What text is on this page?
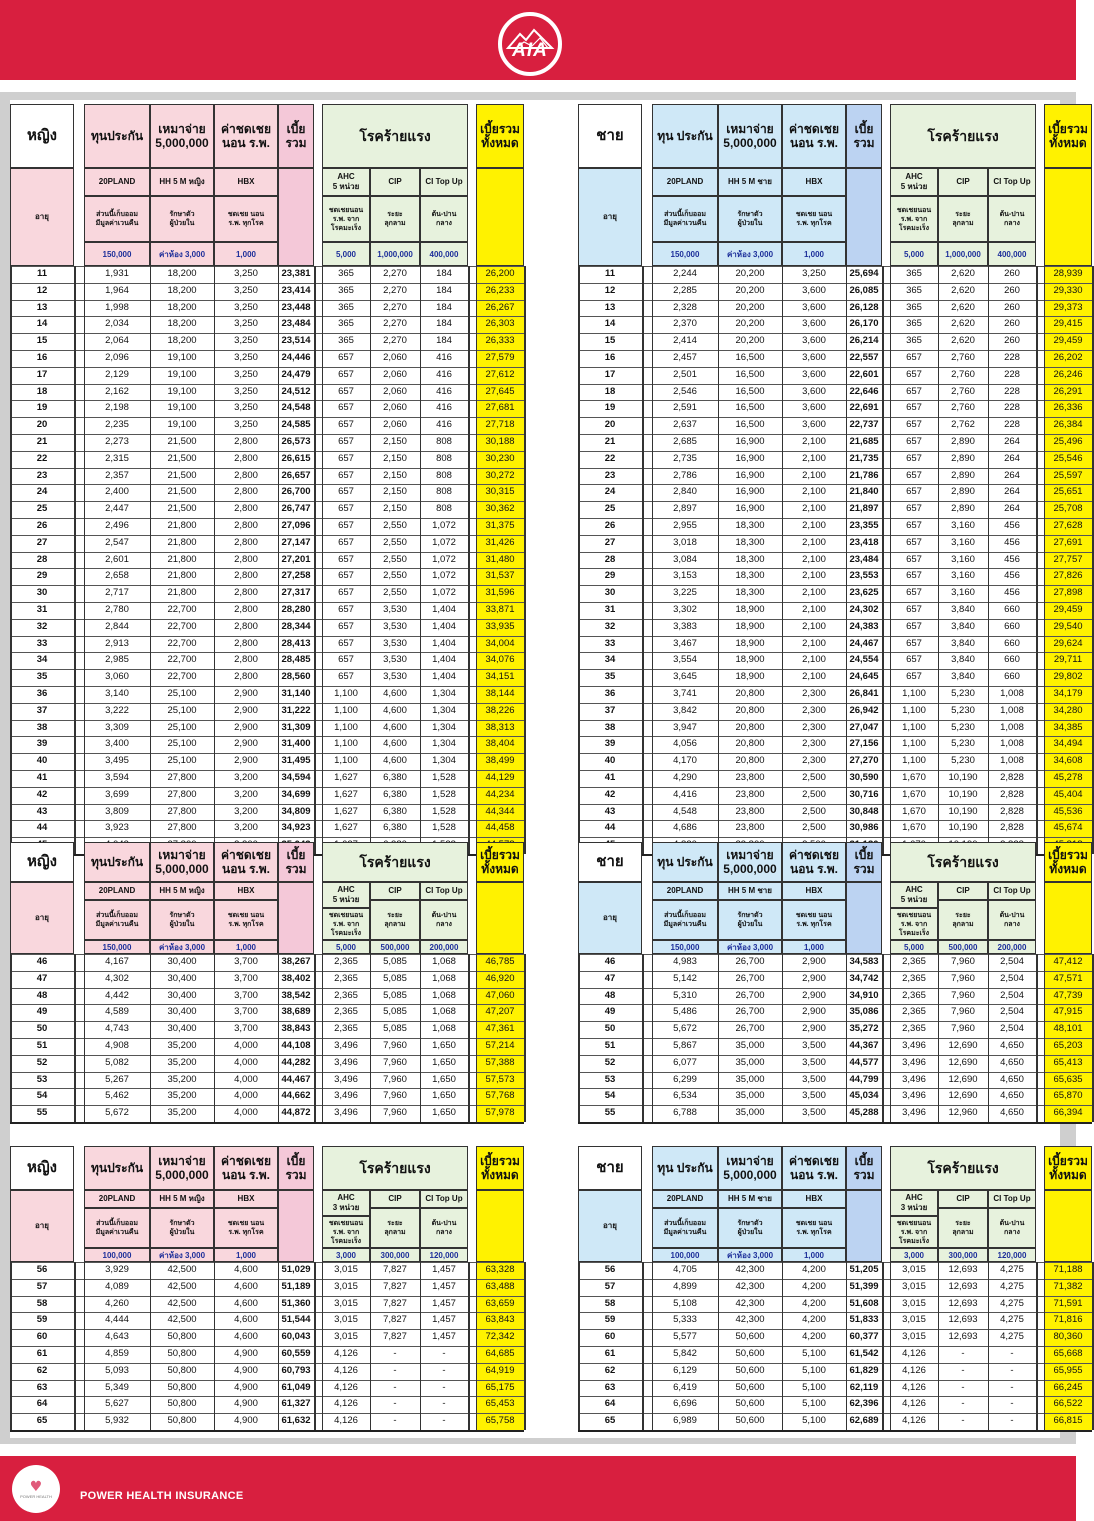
AIA
หญิง	ทุนประกัน	เหมาจ่าย
5,000,000
ค่าชดเชย
นอน ร.พ.
เบี้ย
รวม	โรคร้ายแรง	เบี้ยรวม
ทั้งหมด
อายุ
20PLAND	HH 5 M หญิง	HBX
AHC
5 หน่วย
CIP	CI Top Up
ส่วนนี้เก็บออม
มีมูลค่าเวนคืน
รักษาตัว
ผู้ป่วยใน
ชดเชย นอน
ร.พ. ทุกโรค
ชดเชยนอน
ร.พ. จาก
โรคมะเร็ง
ระยะ
ลุกลาม
ต้น-ปาน
กลาง
150,000	ค่าห้อง 3,000	1,000	5,000	1,000,000	400,000
11	1,931	18,200	3,250	23,381	365	2,270	184	26,200
12	1,964	18,200	3,250	23,414	365	2,270	184	26,233
13	1,998	18,200	3,250	23,448	365	2,270	184	26,267
14	2,034	18,200	3,250	23,484	365	2,270	184	26,303
15	2,064	18,200	3,250	23,514	365	2,270	184	26,333
16	2,096	19,100	3,250	24,446	657	2,060	416	27,579
17	2,129	19,100	3,250	24,479	657	2,060	416	27,612
18	2,162	19,100	3,250	24,512	657	2,060	416	27,645
19	2,198	19,100	3,250	24,548	657	2,060	416	27,681
20	2,235	19,100	3,250	24,585	657	2,060	416	27,718
21	2,273	21,500	2,800	26,573	657	2,150	808	30,188
22	2,315	21,500	2,800	26,615	657	2,150	808	30,230
23	2,357	21,500	2,800	26,657	657	2,150	808	30,272
24	2,400	21,500	2,800	26,700	657	2,150	808	30,315
25	2,447	21,500	2,800	26,747	657	2,150	808	30,362
26	2,496	21,800	2,800	27,096	657	2,550	1,072	31,375
27	2,547	21,800	2,800	27,147	657	2,550	1,072	31,426
28	2,601	21,800	2,800	27,201	657	2,550	1,072	31,480
29	2,658	21,800	2,800	27,258	657	2,550	1,072	31,537
30	2,717	21,800	2,800	27,317	657	2,550	1,072	31,596
31	2,780	22,700	2,800	28,280	657	3,530	1,404	33,871
32	2,844	22,700	2,800	28,344	657	3,530	1,404	33,935
33	2,913	22,700	2,800	28,413	657	3,530	1,404	34,004
34	2,985	22,700	2,800	28,485	657	3,530	1,404	34,076
35	3,060	22,700	2,800	28,560	657	3,530	1,404	34,151
36	3,140	25,100	2,900	31,140	1,100	4,600	1,304	38,144
37	3,222	25,100	2,900	31,222	1,100	4,600	1,304	38,226
38	3,309	25,100	2,900	31,309	1,100	4,600	1,304	38,313
39	3,400	25,100	2,900	31,400	1,100	4,600	1,304	38,404
40	3,495	25,100	2,900	31,495	1,100	4,600	1,304	38,499
41	3,594	27,800	3,200	34,594	1,627	6,380	1,528	44,129
42	3,699	27,800	3,200	34,699	1,627	6,380	1,528	44,234
43	3,809	27,800	3,200	34,809	1,627	6,380	1,528	44,344
44	3,923	27,800	3,200	34,923	1,627	6,380	1,528	44,458
ชาย	ทุน ประกัน	เหมาจ่าย
5,000,000
ค่าชดเชย
นอน ร.พ.
เบี้ย
รวม	โรคร้ายแรง	เบี้ยรวม
ทั้งหมด
อายุ
20PLAND	HH 5 M ชาย	HBX
AHC
5 หน่วย
CIP	CI Top Up
ส่วนนี้เก็บออม
มีมูลค่าเวนคืน
รักษาตัว
ผู้ป่วยใน
ชดเชย นอน
ร.พ. ทุกโรค
ชดเชยนอน
ร.พ. จาก
โรคมะเร็ง
ระยะ
ลุกลาม
ต้น-ปาน
กลาง
150,000	ค่าห้อง 3,000	1,000	5,000	1,000,000	400,000
11	2,244	20,200	3,250	25,694	365	2,620	260	28,939
12	2,285	20,200	3,600	26,085	365	2,620	260	29,330
13	2,328	20,200	3,600	26,128	365	2,620	260	29,373
14	2,370	20,200	3,600	26,170	365	2,620	260	29,415
15	2,414	20,200	3,600	26,214	365	2,620	260	29,459
16	2,457	16,500	3,600	22,557	657	2,760	228	26,202
17	2,501	16,500	3,600	22,601	657	2,760	228	26,246
18	2,546	16,500	3,600	22,646	657	2,760	228	26,291
19	2,591	16,500	3,600	22,691	657	2,760	228	26,336
20	2,637	16,500	3,600	22,737	657	2,762	228	26,384
21	2,685	16,900	2,100	21,685	657	2,890	264	25,496
22	2,735	16,900	2,100	21,735	657	2,890	264	25,546
23	2,786	16,900	2,100	21,786	657	2,890	264	25,597
24	2,840	16,900	2,100	21,840	657	2,890	264	25,651
25	2,897	16,900	2,100	21,897	657	2,890	264	25,708
26	2,955	18,300	2,100	23,355	657	3,160	456	27,628
27	3,018	18,300	2,100	23,418	657	3,160	456	27,691
28	3,084	18,300	2,100	23,484	657	3,160	456	27,757
29	3,153	18,300	2,100	23,553	657	3,160	456	27,826
30	3,225	18,300	2,100	23,625	657	3,160	456	27,898
31	3,302	18,900	2,100	24,302	657	3,840	660	29,459
32	3,383	18,900	2,100	24,383	657	3,840	660	29,540
33	3,467	18,900	2,100	24,467	657	3,840	660	29,624
34	3,554	18,900	2,100	24,554	657	3,840	660	29,711
35	3,645	18,900	2,100	24,645	657	3,840	660	29,802
36	3,741	20,800	2,300	26,841	1,100	5,230	1,008	34,179
37	3,842	20,800	2,300	26,942	1,100	5,230	1,008	34,280
38	3,947	20,800	2,300	27,047	1,100	5,230	1,008	34,385
39	4,056	20,800	2,300	27,156	1,100	5,230	1,008	34,494
40	4,170	20,800	2,300	27,270	1,100	5,230	1,008	34,608
41	4,290	23,800	2,500	30,590	1,670	10,190	2,828	45,278
42	4,416	23,800	2,500	30,716	1,670	10,190	2,828	45,404
43	4,548	23,800	2,500	30,848	1,670	10,190	2,828	45,536
44	4,686	23,800	2,500	30,986	1,670	10,190	2,828	45,674
หญิง	ทุนประกัน	เหมาจ่าย
5,000,000
ค่าชดเชย
นอน ร.พ.
เบี้ย
รวม	โรคร้ายแรง	เบี้ยรวม
ทั้งหมด
อายุ
20PLAND	HH 5 M หญิง	HBX	AHC
5 หน่วย
CIP	CI Top Up
ส่วนนี้เก็บออม
มีมูลค่าเวนคืน
รักษาตัว
ผู้ป่วยใน
ชดเชย นอน
ร.พ. ทุกโรค
ชดเชยนอน
ร.พ. จาก
โรคมะเร็ง
ระยะ
ลุกลาม
ต้น-ปาน
กลาง
150,000	ค่าห้อง 3,000	1,000	5,000	500,000	200,000
46	4,167	30,400	3,700	38,267	2,365	5,085	1,068	46,785
47	4,302	30,400	3,700	38,402	2,365	5,085	1,068	46,920
48	4,442	30,400	3,700	38,542	2,365	5,085	1,068	47,060
49	4,589	30,400	3,700	38,689	2,365	5,085	1,068	47,207
50	4,743	30,400	3,700	38,843	2,365	5,085	1,068	47,361
51	4,908	35,200	4,000	44,108	3,496	7,960	1,650	57,214
52	5,082	35,200	4,000	44,282	3,496	7,960	1,650	57,388
53	5,267	35,200	4,000	44,467	3,496	7,960	1,650	57,573
54	5,462	35,200	4,000	44,662	3,496	7,960	1,650	57,768
55	5,672	35,200	4,000	44,872	3,496	7,960	1,650	57,978
ชาย	ทุน ประกัน	เหมาจ่าย
5,000,000
ค่าชดเชย
นอน ร.พ.
เบี้ย
รวม	โรคร้ายแรง	เบี้ยรวม
ทั้งหมด
อายุ
20PLAND	HH 5 M ชาย	HBX	AHC
5 หน่วย
CIP	CI Top Up
ส่วนนี้เก็บออม
มีมูลค่าเวนคืน
รักษาตัว
ผู้ป่วยใน
ชดเชย นอน
ร.พ. ทุกโรค
ชดเชยนอน
ร.พ. จาก
โรคมะเร็ง
ระยะ
ลุกลาม
ต้น-ปาน
กลาง
150,000	ค่าห้อง 3,000	1,000	5,000	500,000	200,000
46	4,983	26,700	2,900	34,583	2,365	7,960	2,504	47,412
47	5,142	26,700	2,900	34,742	2,365	7,960	2,504	47,571
48	5,310	26,700	2,900	34,910	2,365	7,960	2,504	47,739
49	5,486	26,700	2,900	35,086	2,365	7,960	2,504	47,915
50	5,672	26,700	2,900	35,272	2,365	7,960	2,504	48,101
51	5,867	35,000	3,500	44,367	3,496	12,690	4,650	65,203
52	6,077	35,000	3,500	44,577	3,496	12,690	4,650	65,413
53	6,299	35,000	3,500	44,799	3,496	12,690	4,650	65,635
54	6,534	35,000	3,500	45,034	3,496	12,690	4,650	65,870
55	6,788	35,000	3,500	45,288	3,496	12,960	4,650	66,394
หญิง	ทุนประกัน	เหมาจ่าย
5,000,000
ค่าชดเชย
นอน ร.พ.
เบี้ย
รวม	โรคร้ายแรง	เบี้ยรวม
ทั้งหมด
อายุ
20PLAND	HH 5 M หญิง	HBX	AHC
3 หน่วย
CIP	CI Top Up
ส่วนนี้เก็บออม
มีมูลค่าเวนคืน
รักษาตัว
ผู้ป่วยใน
ชดเชย นอน
ร.พ. ทุกโรค
ชดเชยนอน
ร.พ. จาก
โรคมะเร็ง
ระยะ
ลุกลาม
ต้น-ปาน
กลาง
100,000	ค่าห้อง 3,000	1,000	3,000	300,000	120,000
56	3,929	42,500	4,600	51,029	3,015	7,827	1,457	63,328
57	4,089	42,500	4,600	51,189	3,015	7,827	1,457	63,488
58	4,260	42,500	4,600	51,360	3,015	7,827	1,457	63,659
59	4,444	42,500	4,600	51,544	3,015	7,827	1,457	63,843
60	4,643	50,800	4,600	60,043	3,015	7,827	1,457	72,342
61	4,859	50,800	4,900	60,559	4,126	-	-	64,685
62	5,093	50,800	4,900	60,793	4,126	-	-	64,919
63	5,349	50,800	4,900	61,049	4,126	-	-	65,175
64	5,627	50,800	4,900	61,327	4,126	-	-	65,453
65	5,932	50,800	4,900	61,632	4,126	-	-	65,758
ชาย	ทุน ประกัน	เหมาจ่าย
5,000,000
ค่าชดเชย
นอน ร.พ.
เบี้ย
รวม	โรคร้ายแรง	เบี้ยรวม
ทั้งหมด
อายุ
20PLAND	HH 5 M ชาย	HBX	AHC
3 หน่วย
CIP	CI Top Up
ส่วนนี้เก็บออม
มีมูลค่าเวนคืน
รักษาตัว
ผู้ป่วยใน
ชดเชย นอน
ร.พ. ทุกโรค
ชดเชยนอน
ร.พ. จาก
โรคมะเร็ง
ระยะ
ลุกลาม
ต้น-ปาน
กลาง
100,000	ค่าห้อง 3,000	1,000	3,000	300,000	120,000
56	4,705	42,300	4,200	51,205	3,015	12,693	4,275	71,188
57	4,899	42,300	4,200	51,399	3,015	12,693	4,275	71,382
58	5,108	42,300	4,200	51,608	3,015	12,693	4,275	71,591
59	5,333	42,300	4,200	51,833	3,015	12,693	4,275	71,816
60	5,577	50,600	4,200	60,377	3,015	12,693	4,275	80,360
61	5,842	50,600	5,100	61,542	4,126	-	-	65,668
62	6,129	50,600	5,100	61,829	4,126	-	-	65,955
63	6,419	50,600	5,100	62,119	4,126	-	-	66,245
64	6,696	50,600	5,100	62,396	4,126	-	-	66,522
65	6,989	50,600	5,100	62,689	4,126	-	-	66,815
♥
POWER HEALTH	POWER HEALTH INSURANCE
